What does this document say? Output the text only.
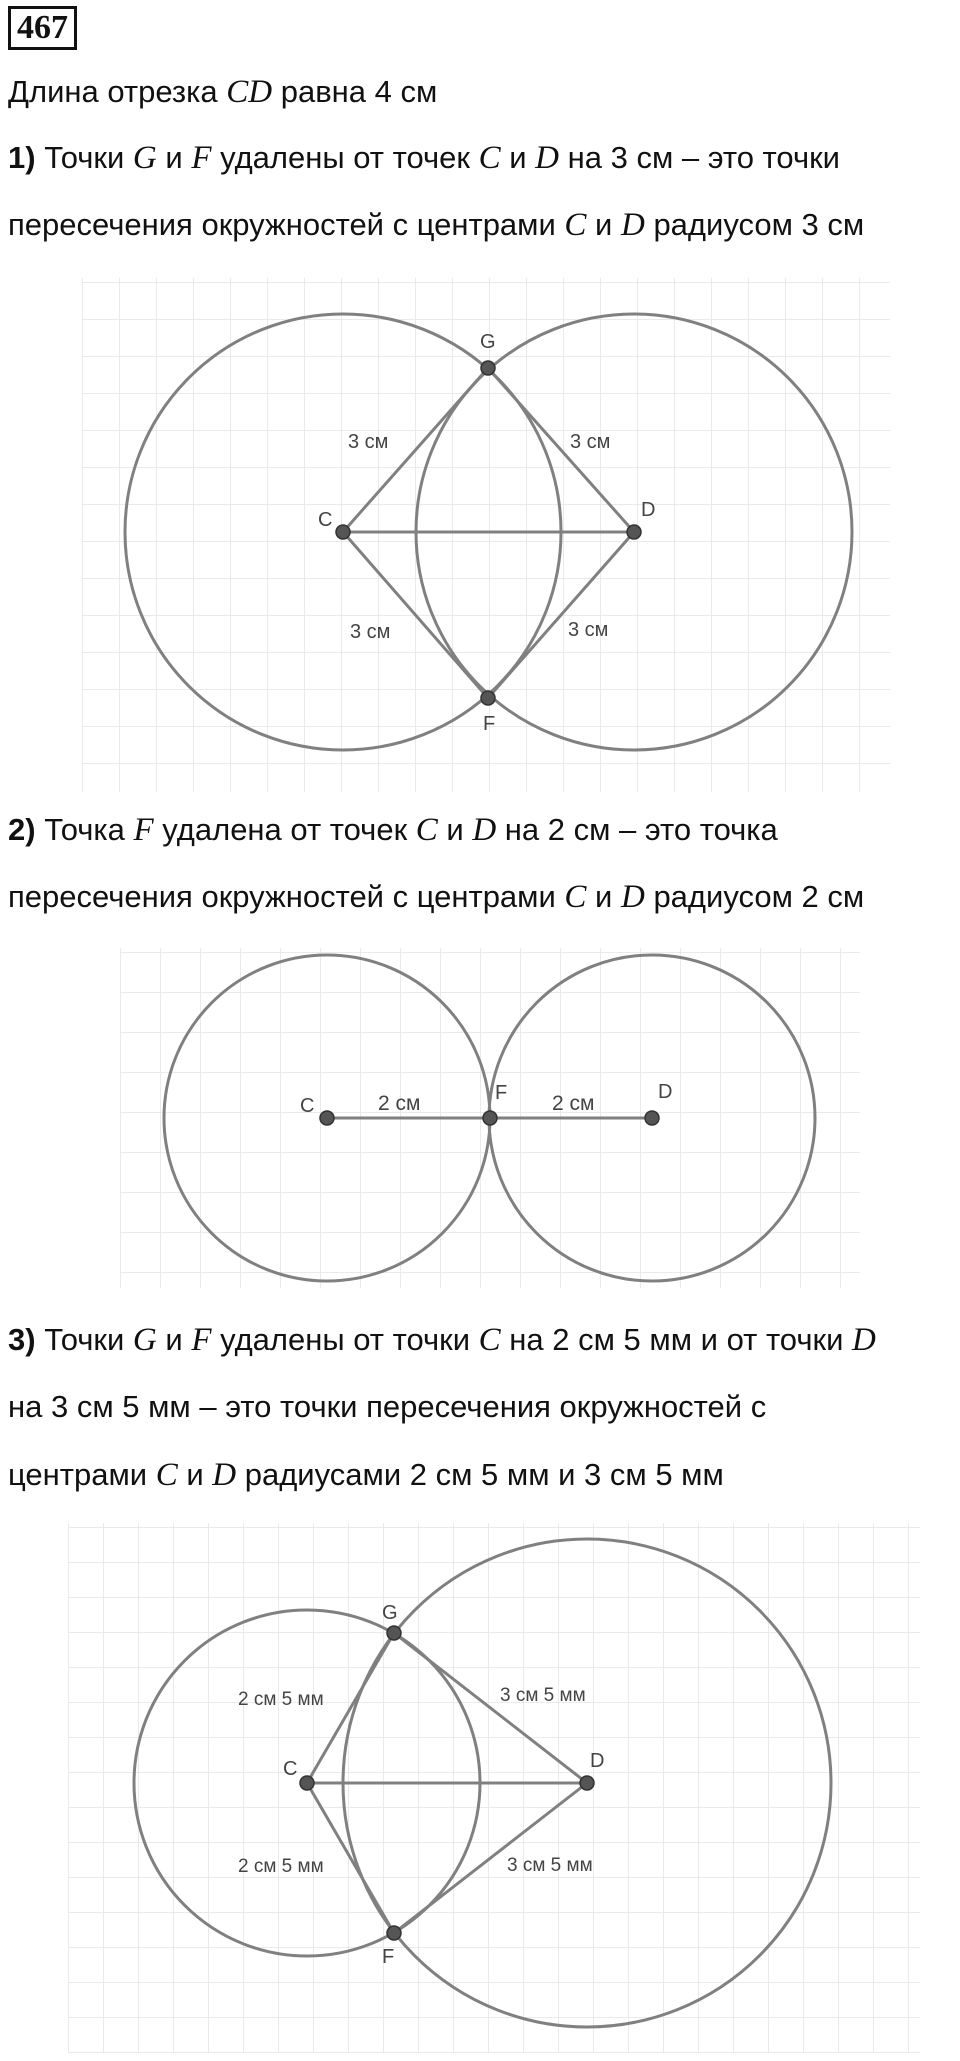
467
Длина отрезка CD равна 4 см
1) Точки G и F удалены от точек C и D на 3 см – это точки
пересечения окружностей с центрами C и D радиусом 3 см
C	D
G
F
3 см	3 см
3 см	3 см
2) Точка F удалена от точек C и D на 2 см – это точка
пересечения окружностей с центрами C и D радиусом 2 см
C
F	D
2 см	2 см
3) Точки G и F удалены от точки C на 2 см 5 мм и от точки D
на 3 см 5 мм – это точки пересечения окружностей с
центрами C и D радиусами 2 см 5 мм и 3 см 5 мм
C	D
G
F
2 см 5 мм	3 см 5 мм
2 см 5 мм	3 см 5 мм
